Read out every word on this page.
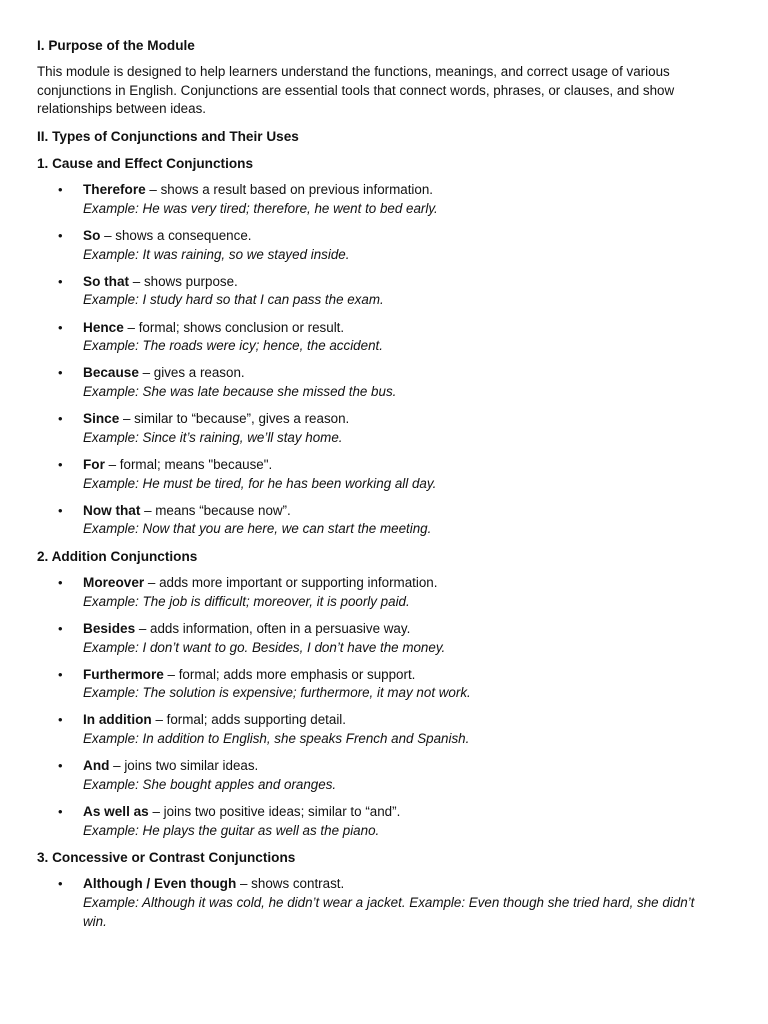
I. Purpose of the Module

This module is designed to help learners understand the functions, meanings, and correct usage of various conjunctions in English. Conjunctions are essential tools that connect words, phrases, or clauses, and show relationships between ideas.

II. Types of Conjunctions and Their Uses

1. Cause and Effect Conjunctions

• Therefore – shows a result based on previous information.
Example: He was very tired; therefore, he went to bed early.
• So – shows a consequence.
Example: It was raining, so we stayed inside.
• So that – shows purpose.
Example: I study hard so that I can pass the exam.
• Hence – formal; shows conclusion or result.
Example: The roads were icy; hence, the accident.
• Because – gives a reason.
Example: She was late because she missed the bus.
• Since – similar to “because”, gives a reason.
Example: Since it’s raining, we’ll stay home.
• For – formal; means "because".
Example: He must be tired, for he has been working all day.
• Now that – means “because now”.
Example: Now that you are here, we can start the meeting.

2. Addition Conjunctions

• Moreover – adds more important or supporting information.
Example: The job is difficult; moreover, it is poorly paid.
• Besides – adds information, often in a persuasive way.
Example: I don’t want to go. Besides, I don’t have the money.
• Furthermore – formal; adds more emphasis or support.
Example: The solution is expensive; furthermore, it may not work.
• In addition – formal; adds supporting detail.
Example: In addition to English, she speaks French and Spanish.
• And – joins two similar ideas.
Example: She bought apples and oranges.
• As well as – joins two positive ideas; similar to “and”.
Example: He plays the guitar as well as the piano.

3. Concessive or Contrast Conjunctions

• Although / Even though – shows contrast.
Example: Although it was cold, he didn’t wear a jacket. Example: Even though she tried hard, she didn’t win.
